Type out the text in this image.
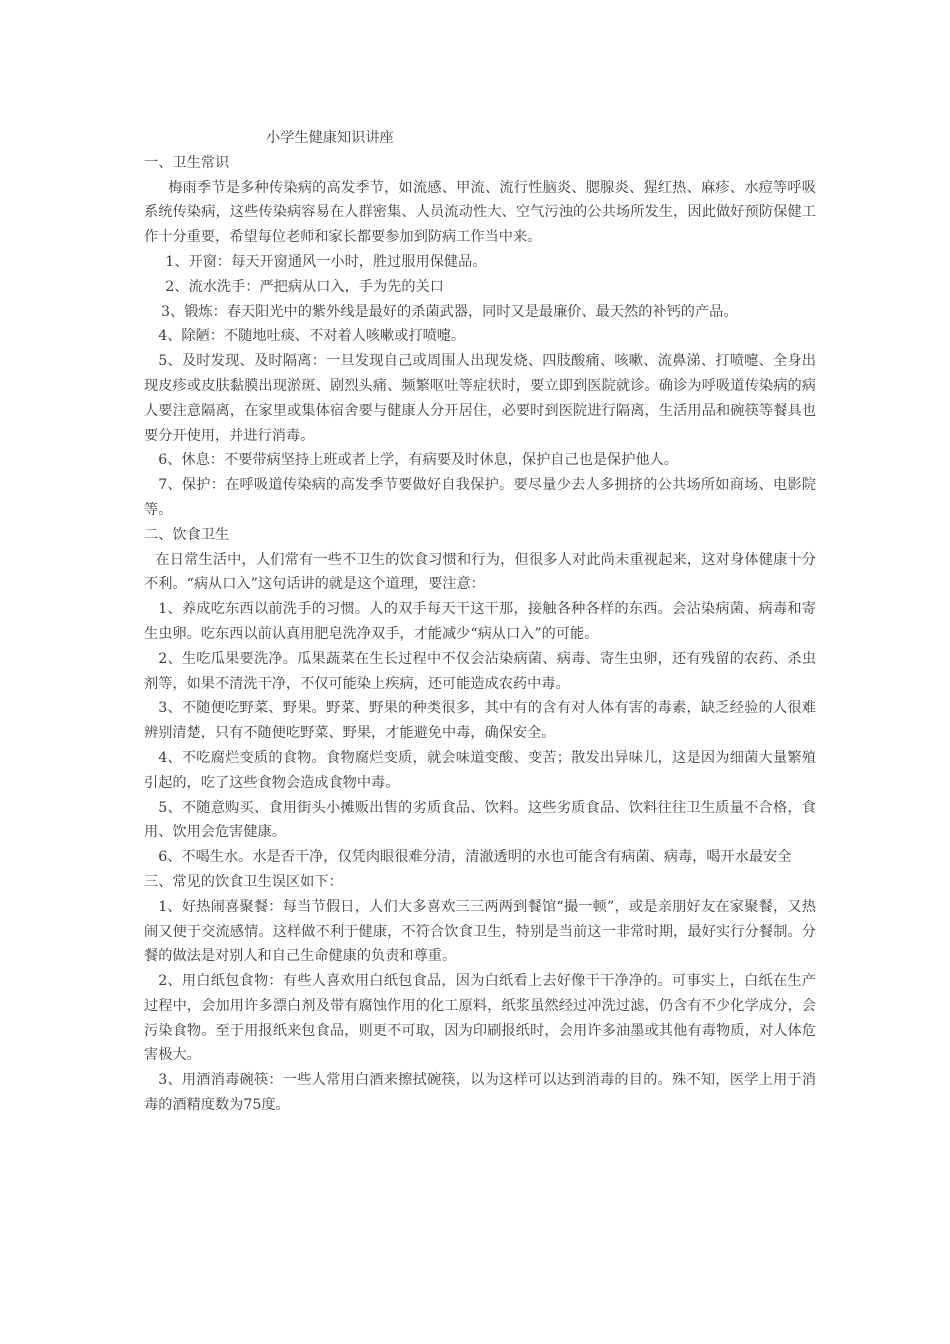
小学生健康知识讲座
一、卫生常识

梅雨季节是多种传染病的高发季节，如流感、甲流、流行性脑炎、腮腺炎、猩红热、麻疹、水痘等呼吸系统传染病，这些传染病容易在人群密集、人员流动性大、空气污浊的公共场所发生，因此做好预防保健工作十分重要，希望每位老师和家长都要参加到防病工作当中来。

1、开窗：每天开窗通风一小时，胜过服用保健品。

2、流水洗手：严把病从口入，手为先的关口

3、锻炼：春天阳光中的紫外线是最好的杀菌武器，同时又是最廉价、最天然的补钙的产品。

4、除陋：不随地吐痰、不对着人咳嗽或打喷嚏。

5、及时发现、及时隔离：一旦发现自己或周围人出现发烧、四肢酸痛、咳嗽、流鼻涕、打喷嚏、全身出现皮疹或皮肤黏膜出现淤斑、剧烈头痛、频繁呕吐等症状时，要立即到医院就诊。确诊为呼吸道传染病的病人要注意隔离，在家里或集体宿舍要与健康人分开居住，必要时到医院进行隔离，生活用品和碗筷等餐具也要分开使用，并进行消毒。

6、休息：不要带病坚持上班或者上学，有病要及时休息，保护自己也是保护他人。

7、保护：在呼吸道传染病的高发季节要做好自我保护。要尽量少去人多拥挤的公共场所如商场、电影院等。

二、饮食卫生

在日常生活中，人们常有一些不卫生的饮食习惯和行为，但很多人对此尚未重视起来，这对身体健康十分不利。“病从口入”这句话讲的就是这个道理，要注意：

1、养成吃东西以前洗手的习惯。人的双手每天干这干那，接触各种各样的东西。会沾染病菌、病毒和寄生虫卵。吃东西以前认真用肥皂洗净双手，才能减少“病从口入”的可能。

2、生吃瓜果要洗净。瓜果蔬菜在生长过程中不仅会沾染病菌、病毒、寄生虫卵，还有残留的农药、杀虫剂等，如果不清洗干净，不仅可能染上疾病，还可能造成农药中毒。

3、不随便吃野菜、野果。野菜、野果的种类很多，其中有的含有对人体有害的毒素，缺乏经验的人很难辨别清楚，只有不随便吃野菜、野果，才能避免中毒，确保安全。

4、不吃腐烂变质的食物。食物腐烂变质，就会味道变酸、变苦；散发出异味儿，这是因为细菌大量繁殖引起的，吃了这些食物会造成食物中毒。

5、不随意购买、食用街头小摊贩出售的劣质食品、饮料。这些劣质食品、饮料往往卫生质量不合格，食用、饮用会危害健康。

6、不喝生水。水是否干净，仅凭肉眼很难分清，清澈透明的水也可能含有病菌、病毒，喝开水最安全

三、常见的饮食卫生误区如下：

1、好热闹喜聚餐：每当节假日，人们大多喜欢三三两两到餐馆“撮一顿”，或是亲朋好友在家聚餐，又热闹又便于交流感情。这样做不利于健康，不符合饮食卫生，特别是当前这一非常时期，最好实行分餐制。分餐的做法是对别人和自己生命健康的负责和尊重。

2、用白纸包食物：有些人喜欢用白纸包食品，因为白纸看上去好像干干净净的。可事实上，白纸在生产过程中，会加用许多漂白剂及带有腐蚀作用的化工原料，纸浆虽然经过冲洗过滤，仍含有不少化学成分，会污染食物。至于用报纸来包食品，则更不可取，因为印刷报纸时，会用许多油墨或其他有毒物质，对人体危害极大。

3、用酒消毒碗筷：一些人常用白酒来擦拭碗筷，以为这样可以达到消毒的目的。殊不知，医学上用于消毒的酒精度数为75度。
